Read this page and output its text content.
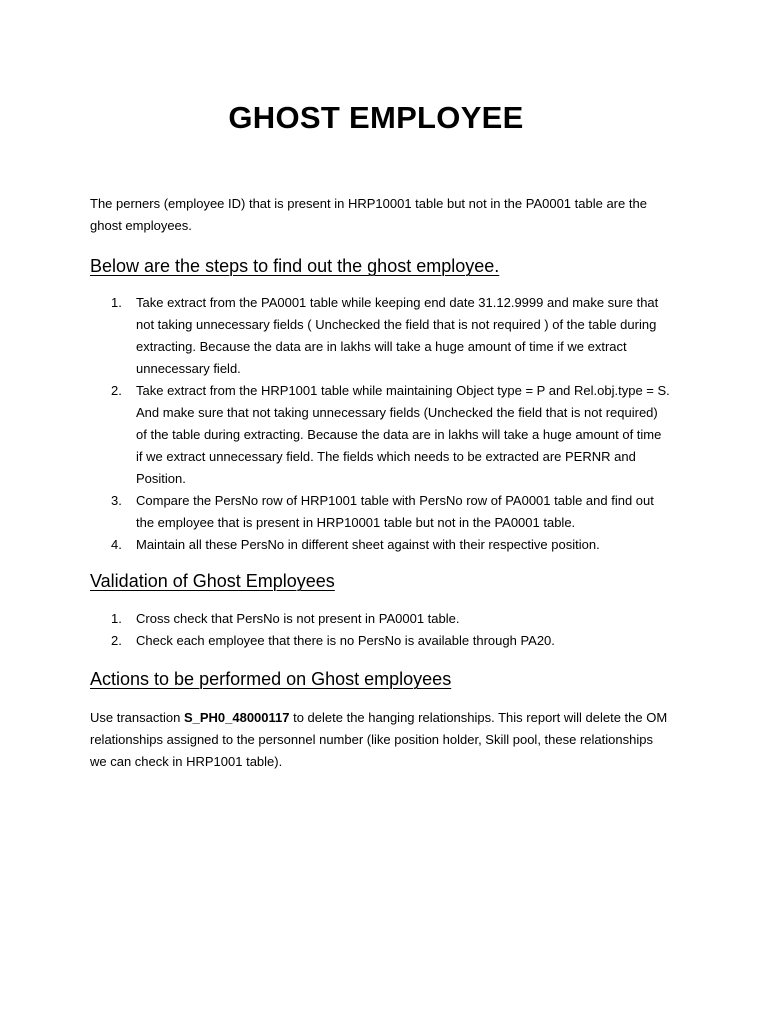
GHOST EMPLOYEE

The perners (employee ID) that is present in HRP10001 table but not in the PA0001 table are the ghost employees.

Below are the steps to find out the ghost employee.
1. Take extract from the PA0001 table while keeping end date 31.12.9999 and make sure that not taking unnecessary fields ( Unchecked the field that is not required ) of the table during extracting. Because the data are in lakhs will take a huge amount of time if we extract unnecessary field.
2. Take extract from the HRP1001 table while maintaining Object type = P and Rel.obj.type = S. And make sure that not taking unnecessary fields (Unchecked the field that is not required) of the table during extracting. Because the data are in lakhs will take a huge amount of time if we extract unnecessary field. The fields which needs to be extracted are PERNR and Position.
3. Compare the PersNo row of HRP1001 table with PersNo row of PA0001 table and find out the employee that is present in HRP10001 table but not in the PA0001 table.
4. Maintain all these PersNo in different sheet against with their respective position.
Validation of Ghost Employees
1. Cross check that PersNo is not present in PA0001 table.
2. Check each employee that there is no PersNo is available through PA20.
Actions to be performed on Ghost employees

Use transaction S_PH0_48000117 to delete the hanging relationships. This report will delete the OM relationships assigned to the personnel number (like position holder, Skill pool, these relationships we can check in HRP1001 table).
